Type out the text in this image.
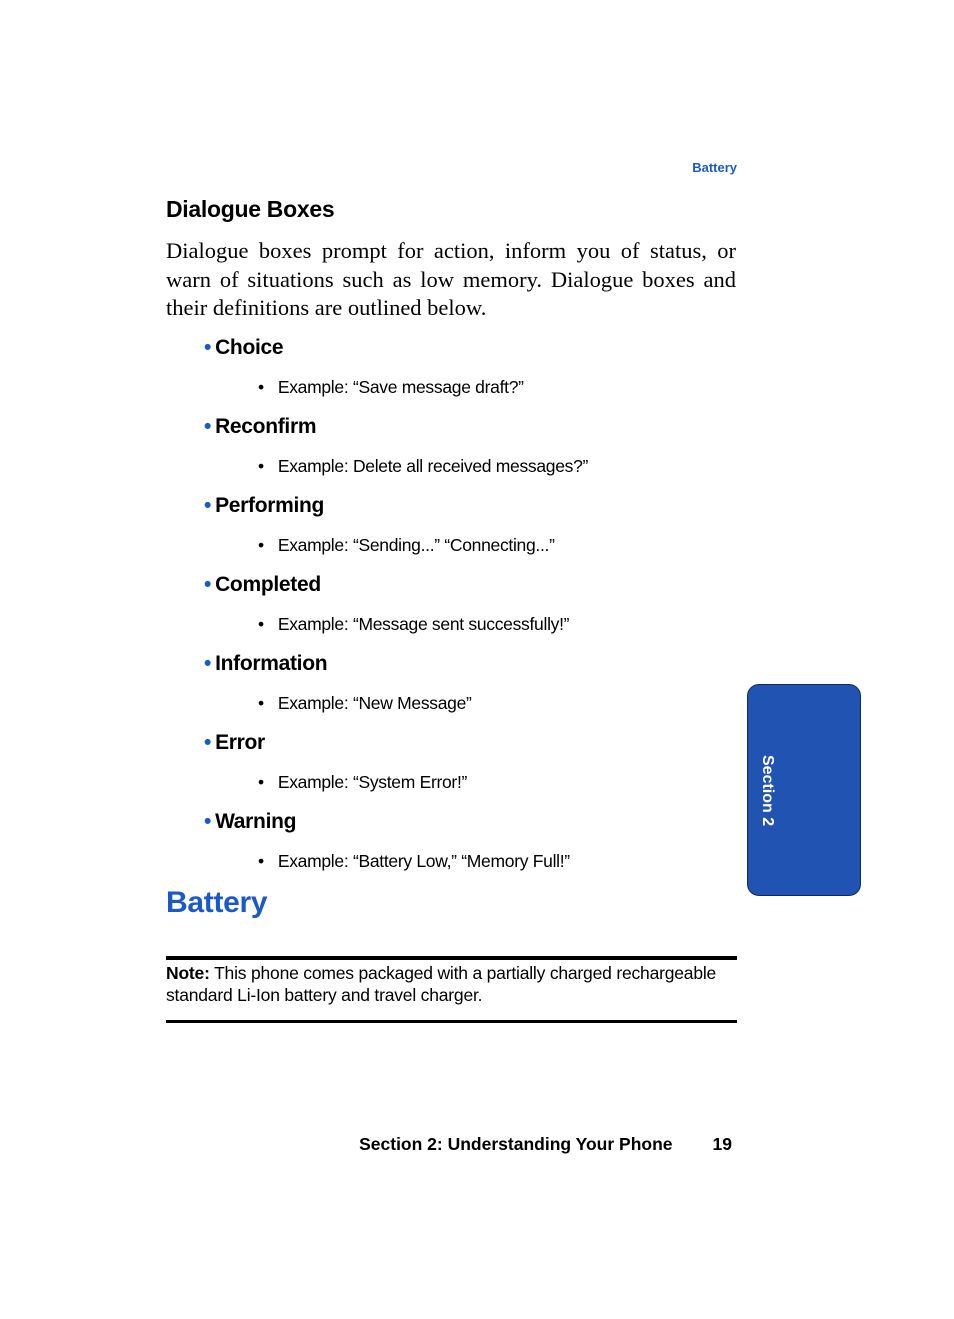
Battery
Dialogue Boxes
Dialogue boxes prompt for action, inform you of status, or warn of situations such as low memory. Dialogue boxes and their definitions are outlined below.
• Choice
• Example: “Save message draft?”
• Reconfirm
• Example: Delete all received messages?”
• Performing
• Example: “Sending...” “Connecting...”
• Completed
• Example: “Message sent successfully!”
• Information
• Example: “New Message”
• Error
• Example: “System Error!”
• Warning
• Example: “Battery Low,” “Memory Full!”
Battery
Note: This phone comes packaged with a partially charged rechargeable standard Li-Ion battery and travel charger.
Section 2: Understanding Your Phone 19
Section 2
